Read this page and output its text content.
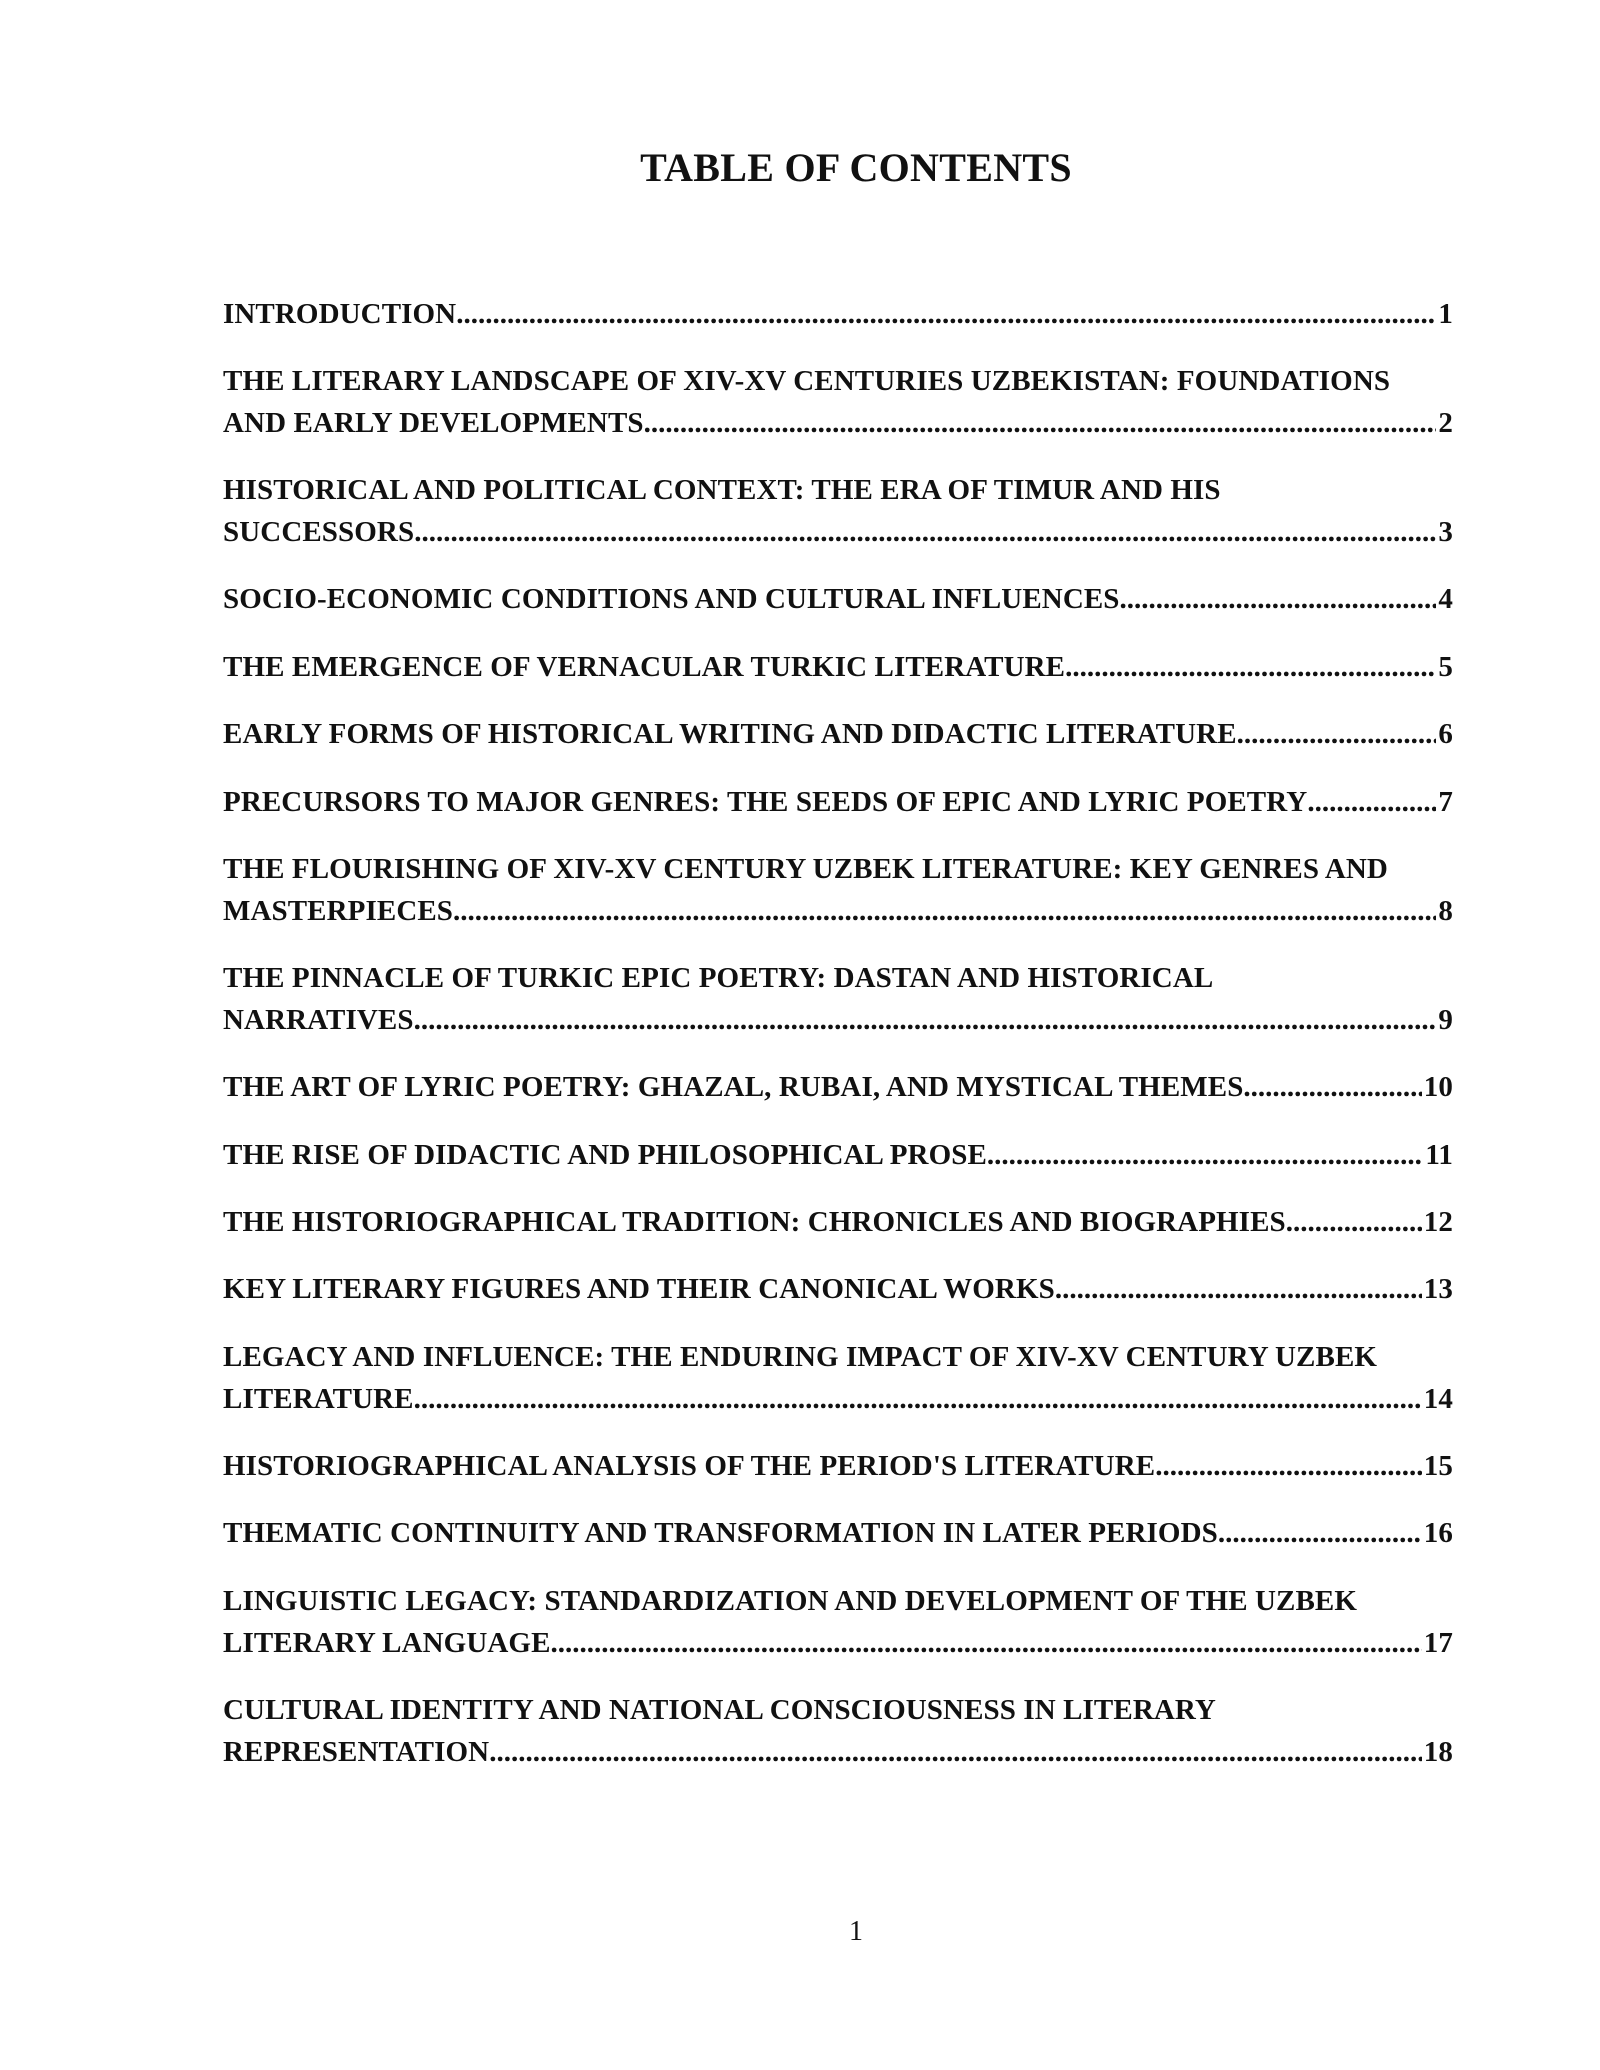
TABLE OF CONTENTS
INTRODUCTION .....	1
THE LITERARY LANDSCAPE OF XIV-XV CENTURIES UZBEKISTAN: FOUNDATIONS
AND EARLY DEVELOPMENTS .....	2
HISTORICAL AND POLITICAL CONTEXT: THE ERA OF TIMUR AND HIS
SUCCESSORS .....	3
SOCIO-ECONOMIC CONDITIONS AND CULTURAL INFLUENCES .....	4
THE EMERGENCE OF VERNACULAR TURKIC LITERATURE .....	5
EARLY FORMS OF HISTORICAL WRITING AND DIDACTIC LITERATURE .....	6
PRECURSORS TO MAJOR GENRES: THE SEEDS OF EPIC AND LYRIC POETRY .....	7
THE FLOURISHING OF XIV-XV CENTURY UZBEK LITERATURE: KEY GENRES AND
MASTERPIECES .....	8
THE PINNACLE OF TURKIC EPIC POETRY: DASTAN AND HISTORICAL
NARRATIVES .....	9
THE ART OF LYRIC POETRY: GHAZAL, RUBAI, AND MYSTICAL THEMES .....	10
THE RISE OF DIDACTIC AND PHILOSOPHICAL PROSE .....	11
THE HISTORIOGRAPHICAL TRADITION: CHRONICLES AND BIOGRAPHIES .....	12
KEY LITERARY FIGURES AND THEIR CANONICAL WORKS .....	13
LEGACY AND INFLUENCE: THE ENDURING IMPACT OF XIV-XV CENTURY UZBEK
LITERATURE .....	14
HISTORIOGRAPHICAL ANALYSIS OF THE PERIOD'S LITERATURE .....	15
THEMATIC CONTINUITY AND TRANSFORMATION IN LATER PERIODS .....	16
LINGUISTIC LEGACY: STANDARDIZATION AND DEVELOPMENT OF THE UZBEK
LITERARY LANGUAGE .....	17
CULTURAL IDENTITY AND NATIONAL CONSCIOUSNESS IN LITERARY
REPRESENTATION .....	18
1
